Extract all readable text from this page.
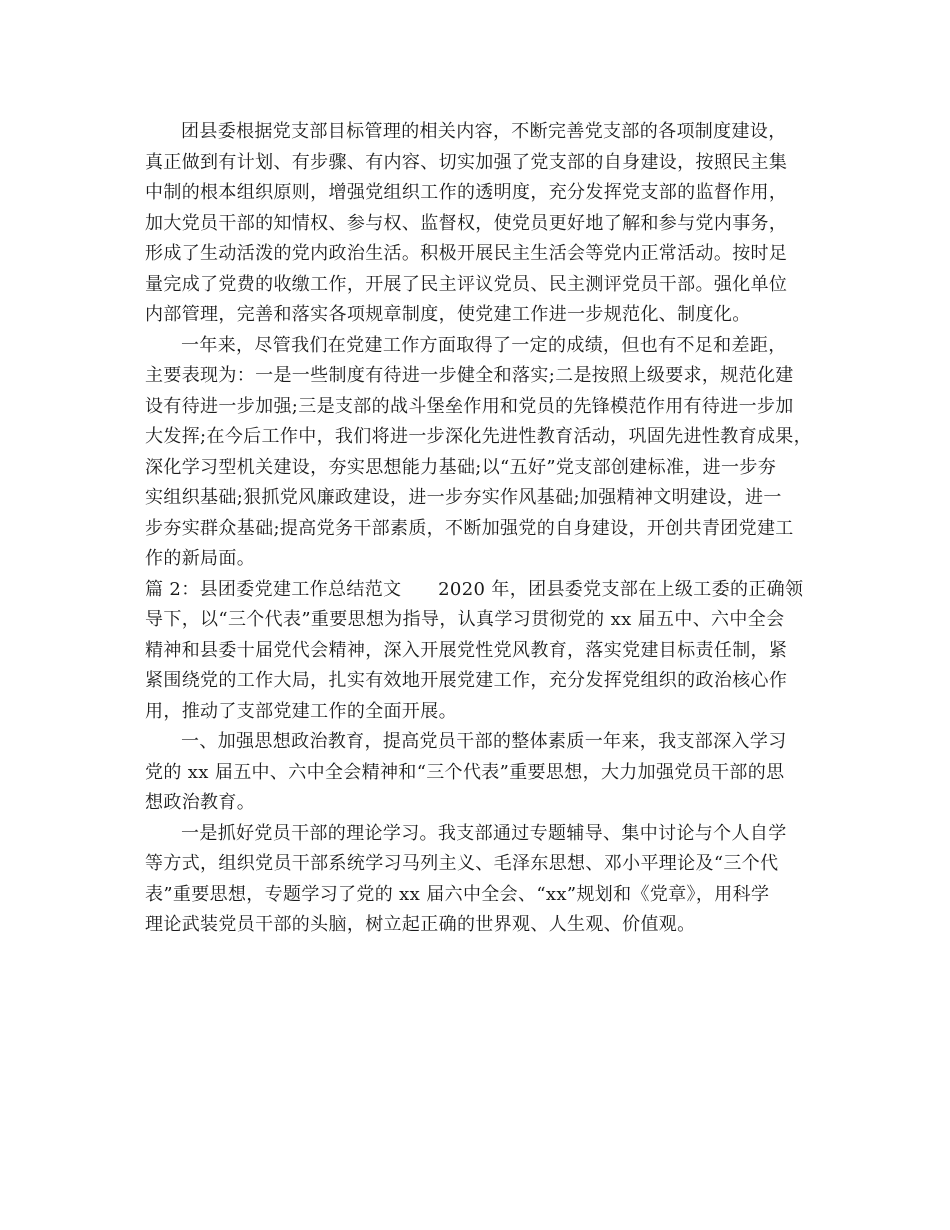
团县委根据党支部目标管理的相关内容，不断完善党支部的各项制度建设，
真正做到有计划、有步骤、有内容、切实加强了党支部的自身建设，按照民主集
中制的根本组织原则，增强党组织工作的透明度，充分发挥党支部的监督作用，
加大党员干部的知情权、参与权、监督权，使党员更好地了解和参与党内事务，
形成了生动活泼的党内政治生活。积极开展民主生活会等党内正常活动。按时足
量完成了党费的收缴工作，开展了民主评议党员、民主测评党员干部。强化单位
内部管理，完善和落实各项规章制度，使党建工作进一步规范化、制度化。
一年来，尽管我们在党建工作方面取得了一定的成绩，但也有不足和差距，
主要表现为：一是一些制度有待进一步健全和落实;二是按照上级要求，规范化建
设有待进一步加强;三是支部的战斗堡垒作用和党员的先锋模范作用有待进一步加
大发挥;在今后工作中，我们将进一步深化先进性教育活动，巩固先进性教育成果，
深化学习型机关建设，夯实思想能力基础;以“五好”党支部创建标准，进一步夯
实组织基础;狠抓党风廉政建设，进一步夯实作风基础;加强精神文明建设，进一
步夯实群众基础;提高党务干部素质，不断加强党的自身建设，开创共青团党建工
作的新局面。
篇 2：县团委党建工作总结范文　　2020 年，团县委党支部在上级工委的正确领
导下，以“三个代表”重要思想为指导，认真学习贯彻党的 xx 届五中、六中全会
精神和县委十届党代会精神，深入开展党性党风教育，落实党建目标责任制，紧
紧围绕党的工作大局，扎实有效地开展党建工作，充分发挥党组织的政治核心作
用，推动了支部党建工作的全面开展。
一、加强思想政治教育，提高党员干部的整体素质一年来，我支部深入学习
党的 xx 届五中、六中全会精神和“三个代表”重要思想，大力加强党员干部的思
想政治教育。
一是抓好党员干部的理论学习。我支部通过专题辅导、集中讨论与个人自学
等方式，组织党员干部系统学习马列主义、毛泽东思想、邓小平理论及“三个代
表”重要思想，专题学习了党的 xx 届六中全会、“xx”规划和《党章》，用科学
理论武装党员干部的头脑，树立起正确的世界观、人生观、价值观。
